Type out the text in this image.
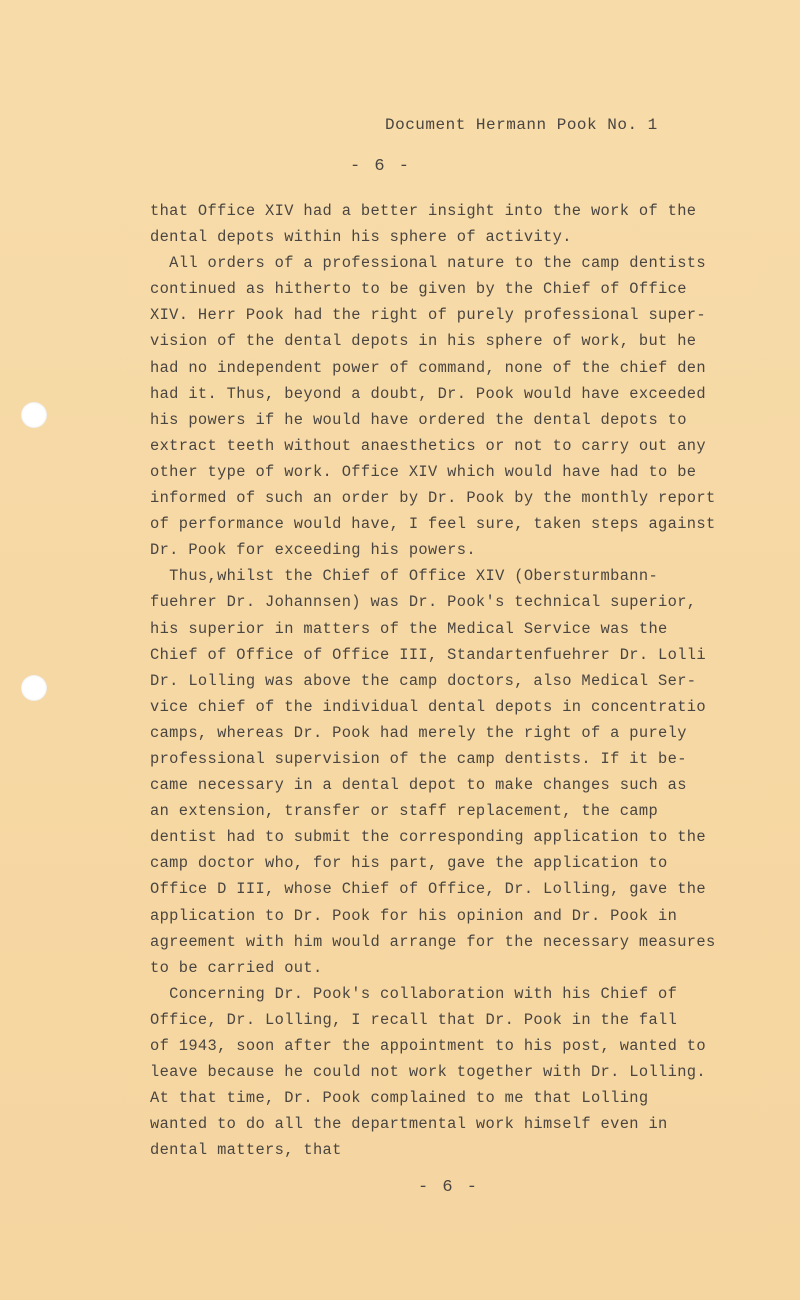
Document Hermann Pook No. 1
- 6 -
that Office XIV had a better insight into the work of the
dental depots within his sphere of activity.
All orders of a professional nature to the camp dentists
continued as hitherto to be given by the Chief of Office
XIV. Herr Pook had the right of purely professional super-
vision of the dental depots in his sphere of work, but he
had no independent power of command, none of the chief den
had it. Thus, beyond a doubt, Dr. Pook would have exceeded
his powers if he would have ordered the dental depots to
extract teeth without anaesthetics or not to carry out any
other type of work. Office XIV which would have had to be
informed of such an order by Dr. Pook by the monthly report
of performance would have, I feel sure, taken steps against
Dr. Pook for exceeding his powers.
Thus,whilst the Chief of Office XIV (Obersturmbann-
fuehrer Dr. Johannsen) was Dr. Pook's technical superior,
his superior in matters of the Medical Service was the
Chief of Office of Office III, Standartenfuehrer Dr. Lolli
Dr. Lolling was above the camp doctors, also Medical Ser-
vice chief of the individual dental depots in concentratio
camps, whereas Dr. Pook had merely the right of a purely
professional supervision of the camp dentists. If it be-
came necessary in a dental depot to make changes such as
an extension, transfer or staff replacement, the camp
dentist had to submit the corresponding application to the
camp doctor who, for his part, gave the application to
Office D III, whose Chief of Office, Dr. Lolling, gave the
application to Dr. Pook for his opinion and Dr. Pook in
agreement with him would arrange for the necessary measures
to be carried out.
Concerning Dr. Pook's collaboration with his Chief of
Office, Dr. Lolling, I recall that Dr. Pook in the fall
of 1943, soon after the appointment to his post, wanted to
leave because he could not work together with Dr. Lolling.
At that time, Dr. Pook complained to me that Lolling
wanted to do all the departmental work himself even in
dental matters, that
- 6 -
